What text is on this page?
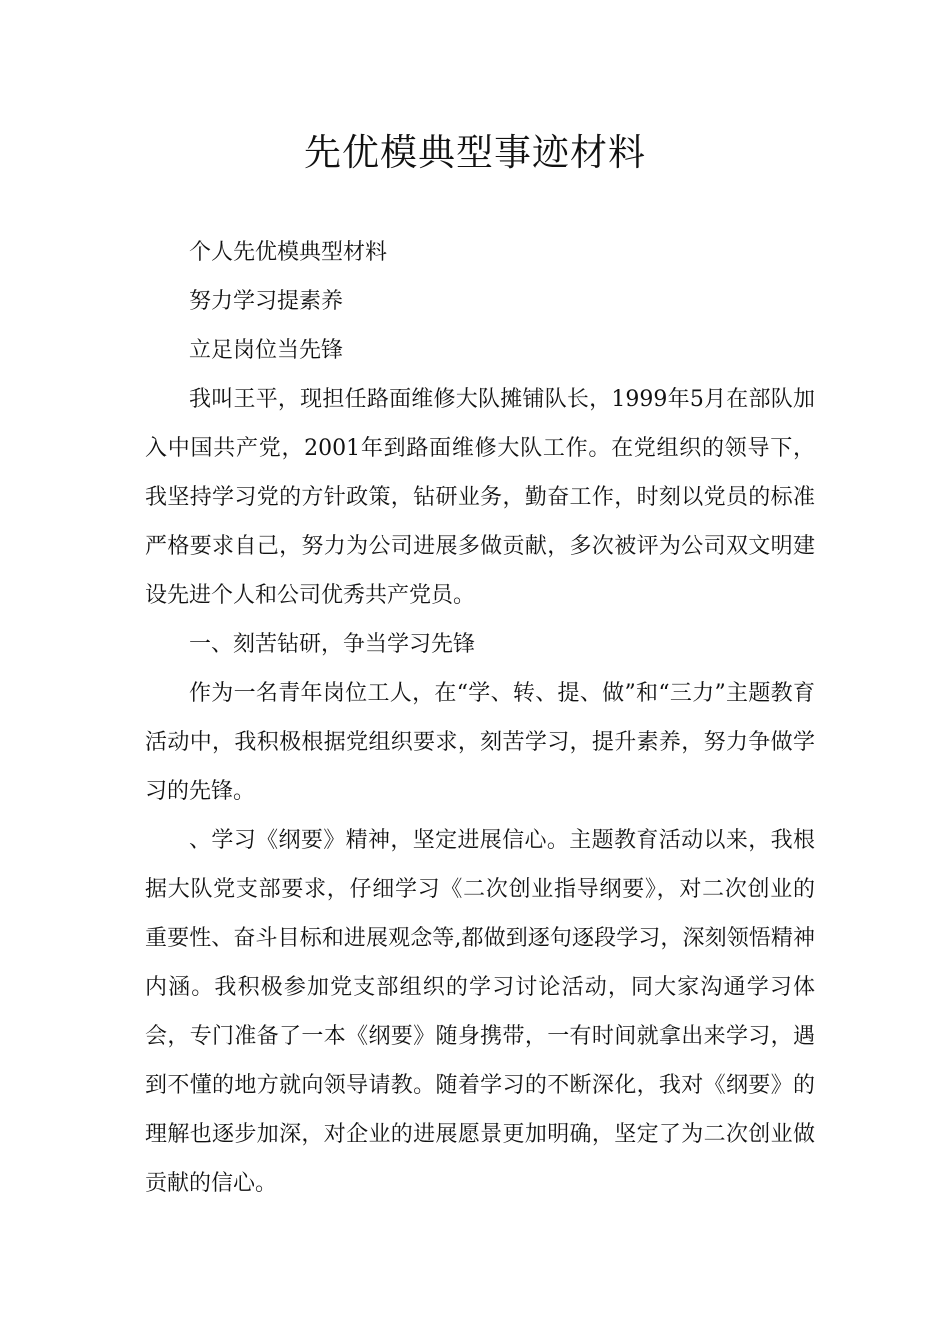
先优模典型事迹材料

个人先优模典型材料

努力学习提素养

立足岗位当先锋

我叫王平，现担任路面维修大队摊铺队长，1999年5月在部队加入中国共产党，2001年到路面维修大队工作。在党组织的领导下，我坚持学习党的方针政策，钻研业务，勤奋工作，时刻以党员的标准严格要求自己，努力为公司进展多做贡献，多次被评为公司双文明建设先进个人和公司优秀共产党员。

一、刻苦钻研，争当学习先锋

作为一名青年岗位工人，在“学、转、提、做”和“三力”主题教育活动中，我积极根据党组织要求，刻苦学习，提升素养，努力争做学习的先锋。

、学习《纲要》精神，坚定进展信心。主题教育活动以来，我根据大队党支部要求，仔细学习《二次创业指导纲要》，对二次创业的重要性、奋斗目标和进展观念等,都做到逐句逐段学习，深刻领悟精神内涵。我积极参加党支部组织的学习讨论活动，同大家沟通学习体会，专门准备了一本《纲要》随身携带，一有时间就拿出来学习，遇到不懂的地方就向领导请教。随着学习的不断深化，我对《纲要》的理解也逐步加深，对企业的进展愿景更加明确，坚定了为二次创业做贡献的信心。
